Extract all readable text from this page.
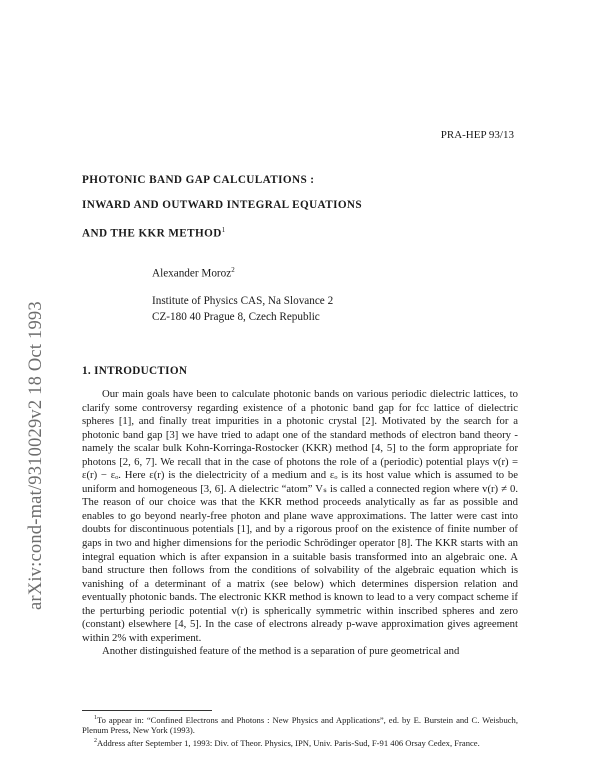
arXiv:cond-mat/9310029v2 18 Oct 1993
PRA-HEP 93/13
PHOTONIC BAND GAP CALCULATIONS :
INWARD AND OUTWARD INTEGRAL EQUATIONS
AND THE KKR METHOD$^1$
Alexander Moroz$^2$
Institute of Physics CAS, Na Slovance 2
CZ-180 40 Prague 8, Czech Republic
1. INTRODUCTION

Our main goals have been to calculate photonic bands on various periodic dielectric lattices, to clarify some controversy regarding existence of a photonic band gap for fcc lattice of dielectric spheres [1], and finally treat impurities in a photonic crystal [2]. Motivated by the search for a photonic band gap [3] we have tried to adapt one of the standard methods of electron band theory - namely the scalar bulk Kohn-Korringa-Rostocker (KKR) method [4, 5] to the form appropriate for photons [2, 6, 7]. We recall that in the case of photons the role of a (periodic) potential plays v(r) = ε(r) − εₒ. Here ε(r) is the dielectricity of a medium and εₒ is its host value which is assumed to be uniform and homogeneous [3, 6]. A dielectric “atom” Vₛ is called a connected region where v(r) ≠ 0. The reason of our choice was that the KKR method proceeds analytically as far as possible and enables to go beyond nearly-free photon and plane wave approximations. The latter were cast into doubts for discontinuous potentials [1], and by a rigorous proof on the existence of finite number of gaps in two and higher dimensions for the periodic Schrödinger operator [8]. The KKR starts with an integral equation which is after expansion in a suitable basis transformed into an algebraic one. A band structure then follows from the conditions of solvability of the algebraic equation which is vanishing of a determinant of a matrix (see below) which determines dispersion relation and eventually photonic bands. The electronic KKR method is known to lead to a very compact scheme if the perturbing periodic potential v(r) is spherically symmetric within inscribed spheres and zero (constant) elsewhere [4, 5]. In the case of electrons already p-wave approximation gives agreement within 2% with experiment.

Another distinguished feature of the method is a separation of pure geometrical and

$^1$To appear in: “Confined Electrons and Photons : New Physics and Applications”, ed. by E. Burstein and C. Weisbuch, Plenum Press, New York (1993).

$^2$Address after September 1, 1993: Div. of Theor. Physics, IPN, Univ. Paris-Sud, F-91 406 Orsay Cedex, France.
